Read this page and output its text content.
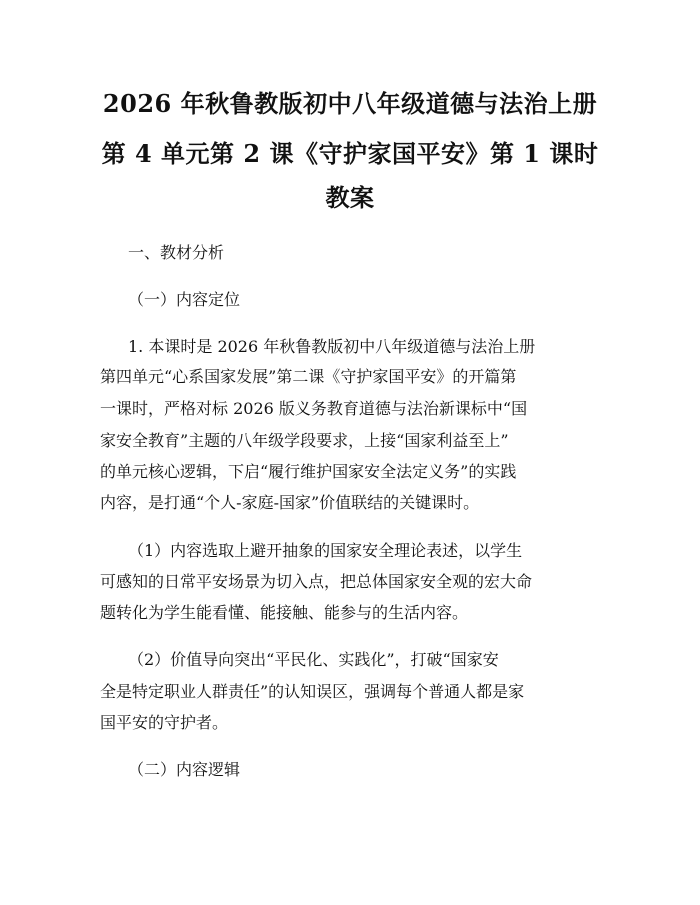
2026 年秋鲁教版初中八年级道德与法治上册
第 4 单元第 2 课《守护家国平安》第 1 课时
教案
一、教材分析
（一）内容定位
1. 本课时是 2026 年秋鲁教版初中八年级道德与法治上册
第四单元“心系国家发展”第二课《守护家国平安》的开篇第
一课时，严格对标 2026 版义务教育道德与法治新课标中“国
家安全教育”主题的八年级学段要求，上接“国家利益至上”
的单元核心逻辑，下启“履行维护国家安全法定义务”的实践
内容，是打通“个人-家庭-国家”价值联结的关键课时。
（1）内容选取上避开抽象的国家安全理论表述，以学生
可感知的日常平安场景为切入点，把总体国家安全观的宏大命
题转化为学生能看懂、能接触、能参与的生活内容。
（2）价值导向突出“平民化、实践化”，打破“国家安
全是特定职业人群责任”的认知误区，强调每个普通人都是家
国平安的守护者。
（二）内容逻辑
